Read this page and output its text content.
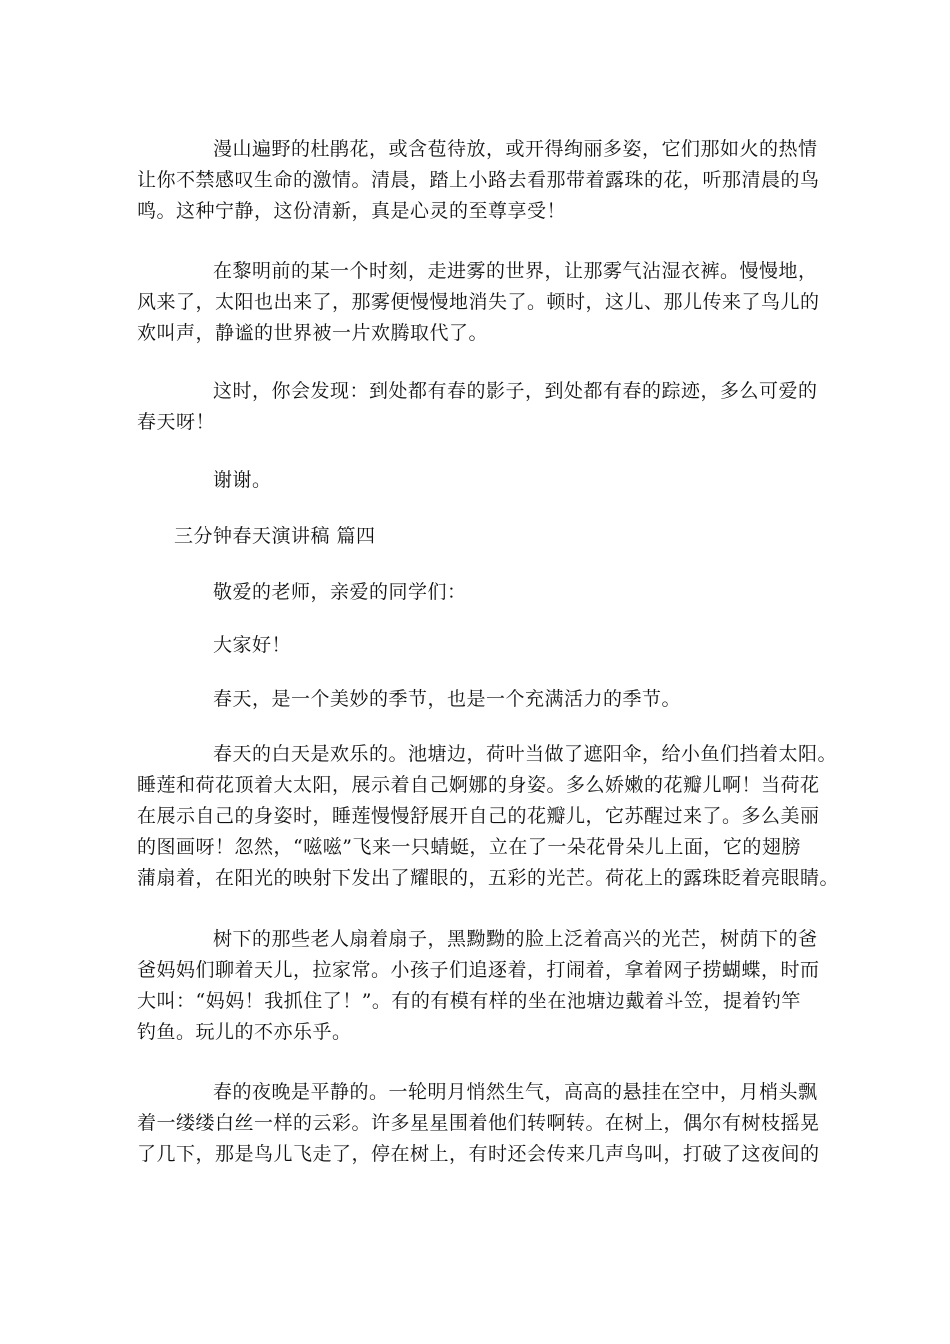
漫山遍野的杜鹃花，或含苞待放，或开得绚丽多姿，它们那如火的热情
让你不禁感叹生命的激情。清晨，踏上小路去看那带着露珠的花，听那清晨的鸟
鸣。这种宁静，这份清新，真是心灵的至尊享受！

在黎明前的某一个时刻，走进雾的世界，让那雾气沾湿衣裤。慢慢地，
风来了，太阳也出来了，那雾便慢慢地消失了。顿时，这儿、那儿传来了鸟儿的
欢叫声，静谧的世界被一片欢腾取代了。

这时，你会发现：到处都有春的影子，到处都有春的踪迹，多么可爱的
春天呀！

谢谢。

三分钟春天演讲稿 篇四

敬爱的老师，亲爱的同学们：

大家好！

春天，是一个美妙的季节，也是一个充满活力的季节。

春天的白天是欢乐的。池塘边，荷叶当做了遮阳伞，给小鱼们挡着太阳。
睡莲和荷花顶着大太阳，展示着自己婀娜的身姿。多么娇嫩的花瓣儿啊！当荷花
在展示自己的身姿时，睡莲慢慢舒展开自己的花瓣儿，它苏醒过来了。多么美丽
的图画呀！忽然，“嗞嗞”飞来一只蜻蜓，立在了一朵花骨朵儿上面，它的翅膀
蒲扇着，在阳光的映射下发出了耀眼的，五彩的光芒。荷花上的露珠眨着亮眼睛。

树下的那些老人扇着扇子，黑黝黝的脸上泛着高兴的光芒，树荫下的爸
爸妈妈们聊着天儿，拉家常。小孩子们追逐着，打闹着，拿着网子捞蝴蝶，时而
大叫：“妈妈！我抓住了！”。有的有模有样的坐在池塘边戴着斗笠，提着钓竿
钓鱼。玩儿的不亦乐乎。

春的夜晚是平静的。一轮明月悄然生气，高高的悬挂在空中，月梢头飘
着一缕缕白丝一样的云彩。许多星星围着他们转啊转。在树上，偶尔有树枝摇晃
了几下，那是鸟儿飞走了，停在树上，有时还会传来几声鸟叫，打破了这夜间的
